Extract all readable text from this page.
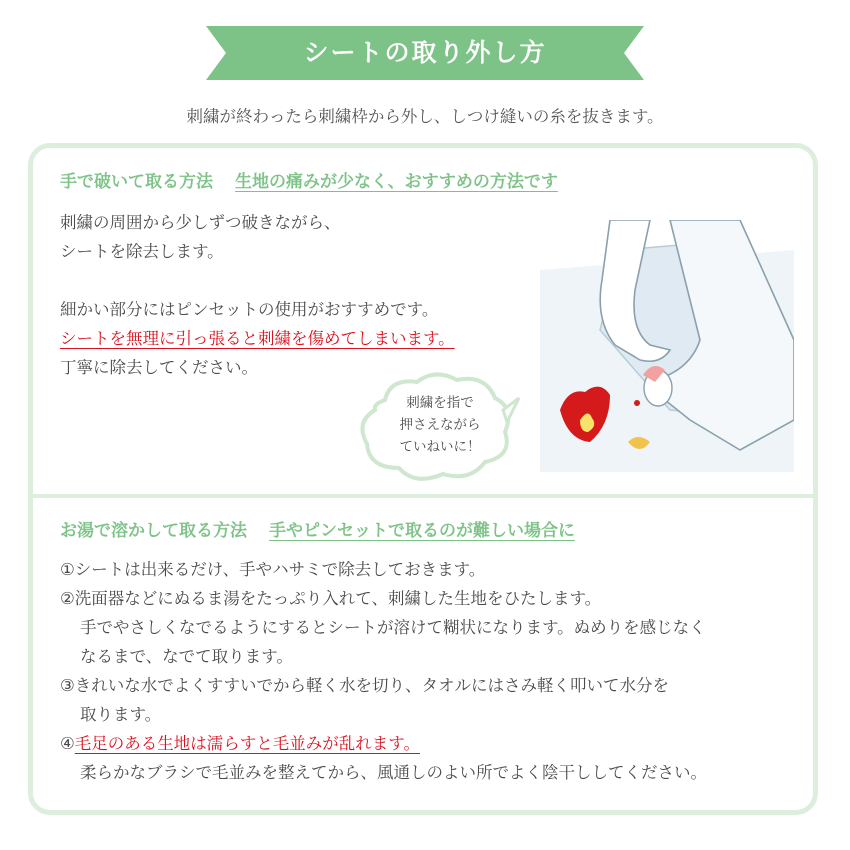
シートの取り外し方
刺繍が終わったら刺繍枠から外し、しつけ縫いの糸を抜きます。
手で破いて取る方法 生地の痛みが少なく、おすすめの方法です
刺繍の周囲から少しずつ破きながら、
シートを除去します。
細かい部分にはピンセットの使用がおすすめです。
シートを無理に引っ張ると刺繍を傷めてしまいます。
丁寧に除去してください。
刺繍を指で
押さえながら
ていねいに！
お湯で溶かして取る方法 手やピンセットで取るのが難しい場合に
①シートは出来るだけ、手やハサミで除去しておきます。
②洗面器などにぬるま湯をたっぷり入れて、刺繍した生地をひたします。
手でやさしくなでるようにするとシートが溶けて糊状になります。ぬめりを感じなく
なるまで、なでて取ります。
③きれいな水でよくすすいでから軽く水を切り、タオルにはさみ軽く叩いて水分を
取ります。
④毛足のある生地は濡らすと毛並みが乱れます。
柔らかなブラシで毛並みを整えてから、風通しのよい所でよく陰干ししてください。
